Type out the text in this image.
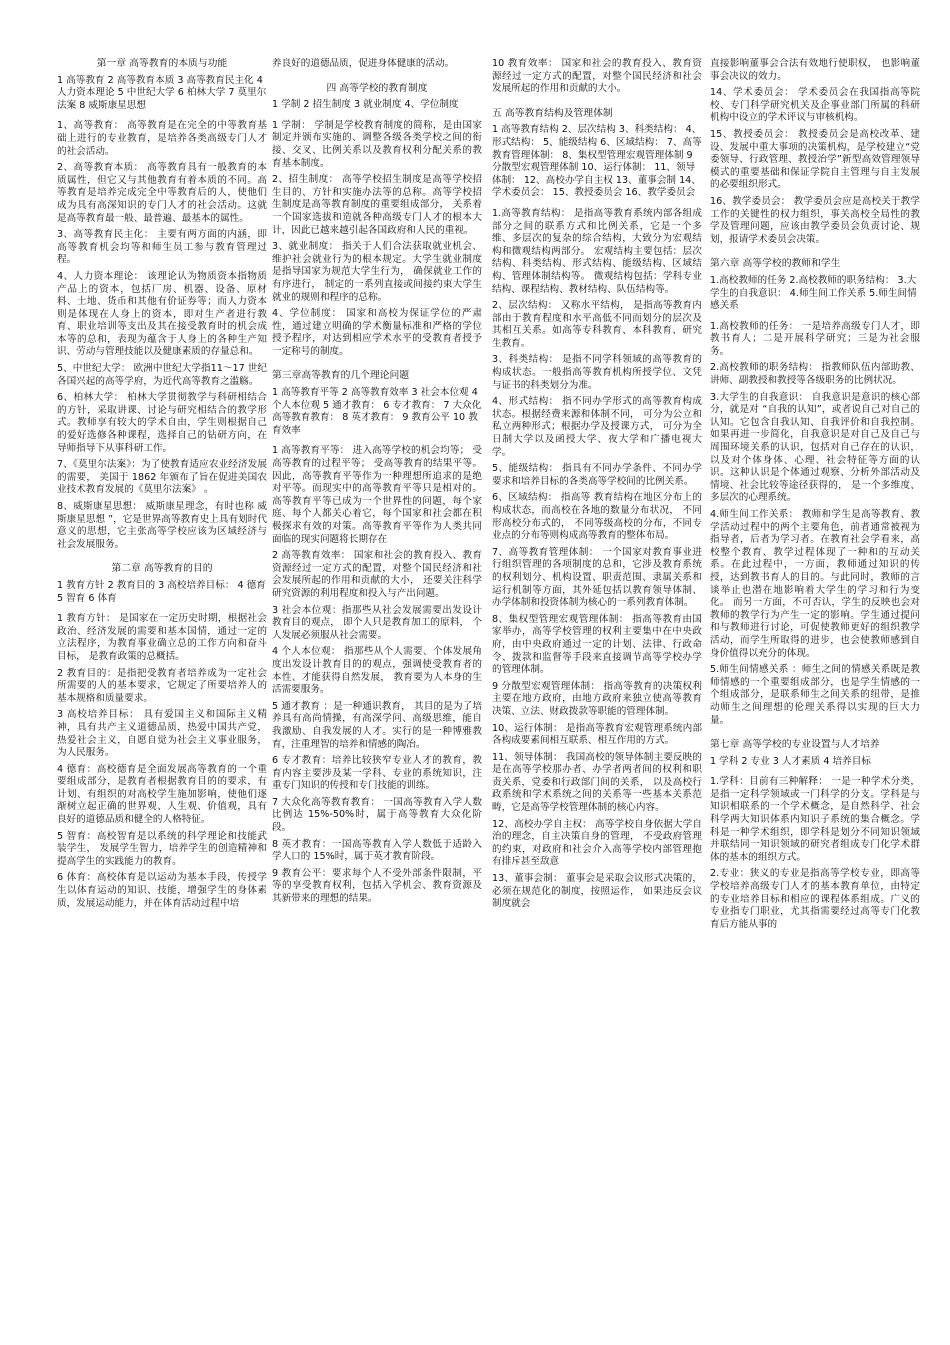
第一章 高等教育的本质与功能
1 高等教育 2 高等教育本质 3 高等教育民主化 4 人力资本理论 5 中世纪大学 6 柏林大学 7 莫里尔法案 8 威斯康星思想

1、高等教育： 高等教育是在完全的中等教育基础上进行的专业教育，是培养各类高级专门人才的社会活动。

2、高等教育本质： 高等教育具有一般教育的本质属性，但它又与其他教育有着本质的不同。高等教育是培养完成完全中等教育后的人，使他们成为具有高深知识的专门人才的社会活动。这就是高等教育最一般、最普遍、最基本的属性。

3、高等教育民主化： 主要有两方面的内涵，即高等教育机会均等和师生员工参与教育管理过程。

4、人力资本理论： 该理论认为物质资本指物质产品上的资本，包括厂房、机器、设备、原材料、土地、货币和其他有价证券等；而人力资本则是体现在人身上的资本，即对生产者进行教育、职业培训等支出及其在接受教育时的机会成本等的总和，表现为蕴含于人身上的各种生产知识、劳动与管理技能以及健康素质的存量总和。

5、中世纪大学： 欧洲中世纪大学指11～17 世纪各国兴起的高等学府，为近代高等教育之滥觞。

6、柏林大学： 柏林大学贯彻教学与科研相结合的方针，采取讲课、讨论与研究相结合的教学形式。教师享有较大的学术自由，学生则根据自己的爱好选修各种课程，选择自己的钻研方向，在导师指导下从事科研工作。

7、《莫里尔法案》：为了使教育适应农业经济发展的需要， 美国于 1862 年颁布了旨在促进美国农业技术教育发展的《莫里尔法案》 。

8、威斯康星思想： 威斯康星理念，有时也称 威斯康星思想 ”，它是世界高等教育史上具有划时代意义的思想，它主张高等学校应该为区域经济与社会发展服务。

第二章 高等教育的目的
1 教育方针 2 教育目的 3 高校培养目标： 4 德育 5 智育 6 体育

1 教育方针： 是国家在一定历史时期，根据社会政治、经济发展的需要和基本国情，通过一定的立法程序，为教育事业确立总的工作方向和奋斗目标， 是教育政策的总概括。

2 教育目的：是指把受教育者培养成为一定社会所需要的人的基本要求，它规定了所要培养人的基本规格和质量要求。

3 高校培养目标： 具有爱国主义和国际主义精神，具有共产主义道德品质，热爱中国共产党，热爱社会主义，自愿自觉为社会主义事业服务，为人民服务。

4 德育：高校德育是全面发展高等教育的一个重要组成部分，是教育者根据教育目的的要求，有计划、有组织的对高校学生施加影响，使他们逐渐树立起正确的世界观、人生观、价值观，具有良好的道德品质和健全的人格特征。

5 智育：高校智育是以系统的科学理论和技能武装学生， 发展学生智力，培养学生的创造精神和提高学生的实践能力的教育。

6 体育：高校体育是以运动为基本手段，传授学生以体育运动的知识、技能，增强学生的身体素质，发展运动能力，并在体育活动过程中培

养良好的道德品质，促进身体健康的活动。

四 高等学校的教育制度
1 学制 2 招生制度 3 就业制度 4、学位制度

1 学制： 学制是学校教育制度的简称，是由国家制定并颁布实施的、调整各级各类学校之间的衔接、交叉、比例关系以及教育权利分配关系的教育基本制度。

2、招生制度： 高等学校招生制度是高等学校招生目的、方针和实施办法等的总称。高等学校招生制度是高等教育制度的重要组成部分， 关系着一个国家选拔和造就各种高级专门人才的根本大计，因此已越来越引起各国政府和人民的重视。

3、就业制度： 指关于人们合法获取就业机会、维护社会就业行为的根本规定。大学生就业制度是指导国家为规范大学生行为， 确保就业工作的有序进行， 制定的一系列直接或间接约束大学生就业的规则和程序的总称。

4、学位制度： 国家和高校为保证学位的严肃性，通过建立明确的学术衡量标准和严格的学位授予程序，对达到相应学术水平的受教育者授予一定称号的制度。

第三章高等教育的几个理论问题
1 高等教育平等 2 高等教育效率 3 社会本位观 4 个人本位观 5 通才教育： 6 专才教育： 7 大众化高等教育教育： 8 英才教育： 9 教育公平 10 教育效率

1 高等教育平等： 进入高等学校的机会均等； 受高等教育的过程平等； 受高等教育的结果平等。 因此，高等教育平等作为一种理想所追求的是绝对平等。而现实中的高等教育平等只是相对的。高等教育平等已成为一个世界性的问题，每个家庭、每个人都关心着它，每个国家和社会都在积极探求有效的对策。高等教育平等作为人类共同面临的现实问题将长期存在

2 高等教育效率： 国家和社会的教育投入、教育资源经过一定方式的配置，对整个国民经济和社会发展所起的作用和贡献的大小， 还要关注科学研究资源的利用程度和投入与产出问题。

3 社会本位观：指那些从社会发展需要出发设计教育目的观点， 即个人只是教育加工的原料， 个人发展必须服从社会需要。

4 个人本位观： 指那些从个人需要、个体发展角度出发设计教育目的的观点，强调使受教育者的本性、才能获得自然发展， 教育要为人本身的生活需要服务。

5 通才教育 ：是一种通识教育， 其目的是为了培养具有高尚情操，有高深学问、高级思维，能自我激励、自我发展的人才。实行的是一种博雅教育，注重理智的培养和情感的陶冶。

6 专才教育：培养比较狭窄专业人才的教育，教育内容主要涉及某一学科、专业的系统知识，注重专门知识的传授和专门技能的训练。

7 大众化高等教育教育： 一国高等教育入学人数比例达 15%-50%时，属于高等教育大众化阶段。

8 英才教育：一国高等教育入学人数低于适龄入学人口的 15%时，属于英才教育阶段。

9 教育公平：要求每个人不受外部条件限制，平等的享受教育权利，包括入学机会、教育资源及其新带来的理想的结果。

10 教育效率： 国家和社会的教育投入、教育资源经过一定方式的配置，对整个国民经济和社会发展所起的作用和贡献的大小。

五 高等教育结构及管理体制
1 高等教育结构 2、层次结构 3、科类结构： 4、形式结构： 5、能级结构 6、区域结构： 7、高等教育管理体制： 8、集权型管理宏观管理体制 9 分散型宏观管理体制 10、运行体制： 11、领导体制： 12、高校办学自主权 13、董事会制 14、学术委员会： 15、教授委员会 16、教学委员会

1.高等教育结构： 是指高等教育系统内部各组成部分之间的联系方式和比例关系，它是一个多维、多层次的复杂的综合结构，大致分为宏观结构和微观结构两部分。 宏观结构主要包括：层次结构、科类结构、形式结构、能级结构、区域结构、管理体制结构等。 微观结构包括：学科专业结构、课程结构、教材结构、队伍结构等。

2、层次结构： 又称水平结构， 是指高等教育内部由于教育程度和水平高低不同而划分的层次及其相互关系。如高等专科教育、本科教育、研究生教育。

3、科类结构： 是指不同学科领域的高等教育的构成状态。一般指高等教育机构所授学位、文凭与证书的科类划分为准。

4、形式结构： 指不同办学形式的高等教育构成状态。根据经费来源和体制不同， 可分为公立和私立两种形式；根据办学及授课方式， 可分为全日制大学以及函授大学、夜大学和广播电视大学。

5、能级结构： 指具有不同办学条件、不同办学要求和培养目标的各类高等学校间的比例关系。

6、区域结构： 指高等 教育结构在地区分布上的构成状态，而高校在各地的数量分布状况， 不同形高校分布式的， 不同等级高校的分布，不同专业点的分布等则构成高等教育的整体布局。

7、高等教育管理体制： 一个国家对教育事业进行组织管理的各项制度的总和，它涉及教育系统的权利划分、机构设置、职责范围、隶属关系和运行机制等方面，其外延包括以教育领导体制、办学体制和投资体制为核心的一系列教育体制。

8、集权型管理宏观管理体制： 指高等教育由国家举办，高等学校管理的权利主要集中在中央政府，由中央政府通过一定的计划、法律、行政命令、拨款和监督等手段来直接调节高等学校办学的管理体制。

9 分散型宏观管理体制： 指高等教育的决策权利主要在地方政府，由地方政府来独立使高等教育决策、立法、财政拨款等职能的管理体制。

10、运行体制： 是指高等教育宏观管理系统内部各构成要素间相互联系、相互作用的方式。

11、领导体制： 我国高校的领导体制主要反映的是在高等学校那办者、办学者两者间的权利和职责关系，党委和行政部门间的关系， 以及高校行政系统和学术系统之间的关系等一些基本关系范畴，它是高等学校管理体制的核心内容。

12、高校办学自主权： 高等学校自身依据大学自治的理念，自主决策自身的管理， 不受政府管理的约束，对政府和社会介入高等学校内部管理抱有排斥甚至敌意

13、董事会制： 董事会是采取会议形式决策的， 必须在规范化的制度，按照运作， 如果违反会议制度就会

直接影响董事会合法有效地行使职权， 也影响董事会决议的效力。

14、学术委员会： 学术委员会在我国指高等院校、专门科学研究机关及企事业部门所属的科研机构中设立的学术评议与审核机构。

15、教授委员会： 教授委员会是高校改革、建设、发展中重大事项的决策机构，是学校建立“党委领导、行政管理、教授治学”新型高效管理领导模式的重要基础和保证学院自主管理与自主发展的必要组织形式。

16、教学委员会： 教学委员会应是高校关于教学工作的关键性的权力组织，事关高校全局性的教学及管理问题，应该由教学委员会负责讨论、规划，报请学术委员会决策。

第六章 高等学校的教师和学生
1.高校教师的任务 2.高校教师的职务结构： 3.大学生的自我意识： 4.师生间工作关系 5.师生间情感关系

1.高校教师的任务： 一是培养高级专门人才，即教书育人；二是开展科学研究；三是为社会服务。

2.高校教师的职务结构： 指教师队伍内部助教、讲师、副教授和教授等各级职务的比例状况。

3.大学生的自我意识： 自我意识是意识的核心部分，就是对 “自我的认知”，或者说自己对自己的认知。它包含自我认知、自我评价和自我控制。如果再进一步简化，自我意识是对自己及自己与周围环境关系的认识，包括对自己存在的认识，以及对个体身体、心理、社会特征等方面的认识。这种认识是个体通过观察、分析外部活动及情境、社会比较等途径获得的， 是一个多维度、多层次的心理系统。

4.师生间工作关系： 教师和学生是高等教育、教学活动过程中的两个主要角色，前者通常被视为指导者，后者为学习者。在教育社会学看来，高校整个教育、教学过程体现了一种和的互动关系。在此过程中，一方面，教师通过知识的传授，达到教书育人的目的。与此同时，教师的言谈举止也潜在地影响着大学生的学习和行为变化。 而另一方面，不可否认，学生的反映也会对教师的教学行为产生一定的影响。学生通过提问和与教师进行讨论，可促使教师更好的组织教学活动，而学生所取得的进步，也会使教师感到自身价值得以充分的体现。

5.师生间情感关系 ：师生之间的情感关系既是教师情感的一个重要组成部分，也是学生情感的一个组成部分，是联系师生之间关系的纽带，是推动师生之间理想的伦理关系得以实现的巨大力量。

第七章 高等学校的专业设置与人才培养
1 学科 2 专业 3 人才素质 4 培养目标

1.学科：目前有三种解释： 一是一种学术分类，是指一定科学领域或一门科学的分支。学科是与知识相联系的一个学术概念，是自然科学、社会科学两大知识体系内知识子系统的集合概念。学科是一种学术组织，即学科是划分不同知识领域并联结同一知识领域的研究者组成专门化学术群体的基本的组织方式。

2.专业：狭义的专业是指高等学校专业，即高等学校培养高级专门人才的基本教育单位，由特定的专业培养目标和相应的课程体系组成。广义的专业指专门职业，尤其指需要经过高等专门化教育后方能从事的
